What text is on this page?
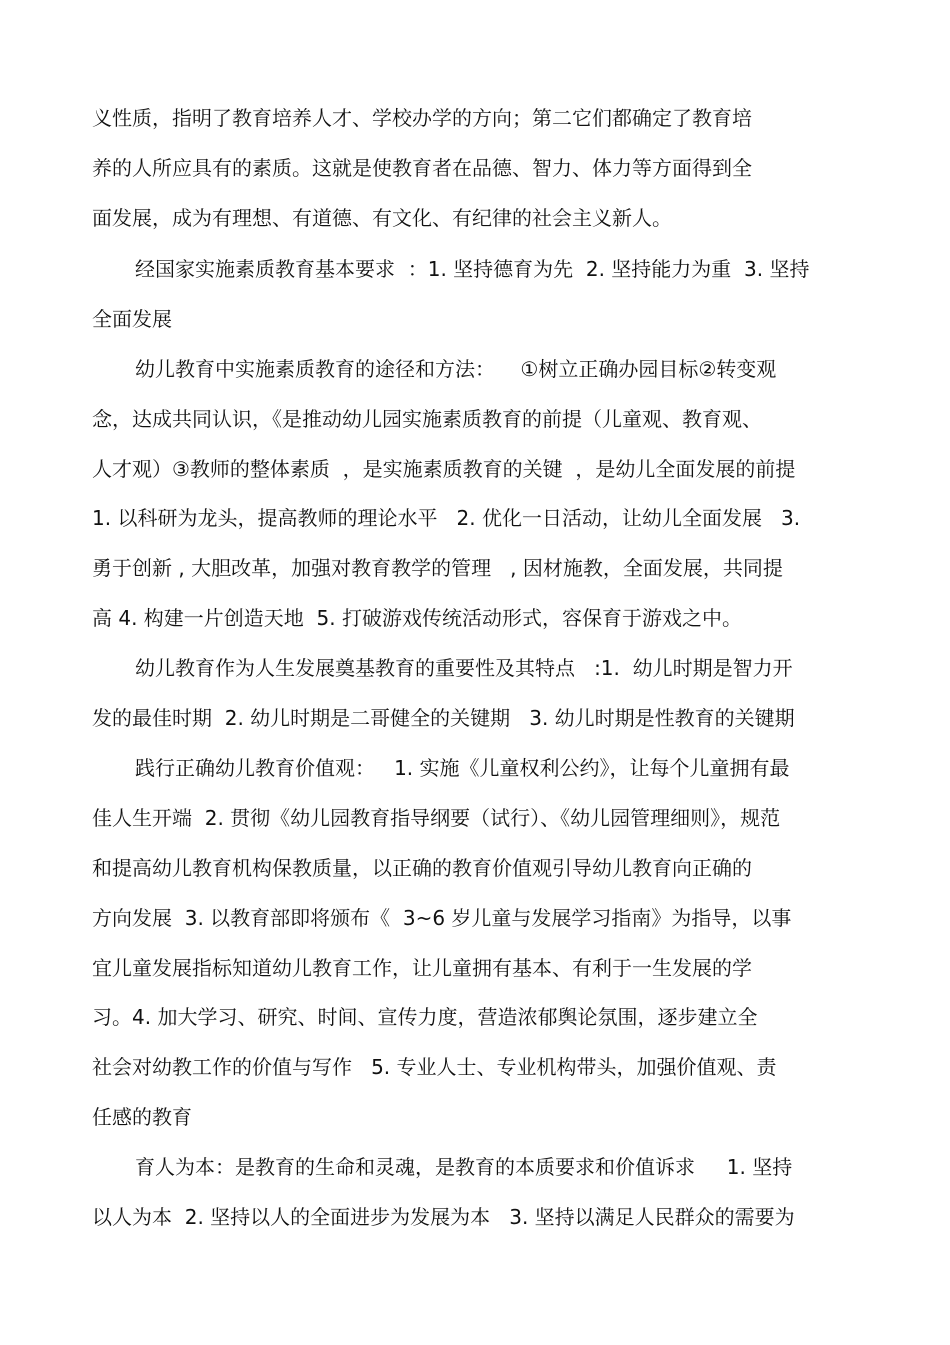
义性质，指明了教育培养人才、学校办学的方向；第二它们都确定了教育培
养的人所应具有的素质。这就是使教育者在品德、智力、体力等方面得到全
面发展，成为有理想、有道德、有文化、有纪律的社会主义新人。
经国家实施素质教育基本要求  ：1. 坚持德育为先  2. 坚持能力为重  3. 坚持
全面发展
幼儿教育中实施素质教育的途径和方法：    ①树立正确办园目标②转变观
念，达成共同认识，《是推动幼儿园实施素质教育的前提（儿童观、教育观、
人才观）③教师的整体素质  ，是实施素质教育的关键  ，是幼儿全面发展的前提
1. 以科研为龙头，提高教师的理论水平   2. 优化一日活动，让幼儿全面发展   3.
勇于创新 , 大胆改革，加强对教育教学的管理   , 因材施教，全面发展，共同提
高 4. 构建一片创造天地  5. 打破游戏传统活动形式，容保育于游戏之中。
幼儿教育作为人生发展奠基教育的重要性及其特点   :1.  幼儿时期是智力开
发的最佳时期  2. 幼儿时期是二哥健全的关键期   3. 幼儿时期是性教育的关键期
践行正确幼儿教育价值观：   1. 实施《儿童权利公约》，让每个儿童拥有最
佳人生开端  2. 贯彻《幼儿园教育指导纲要（试行）、《幼儿园管理细则》，规范
和提高幼儿教育机构保教质量，以正确的教育价值观引导幼儿教育向正确的
方向发展  3. 以教育部即将颁布《  3~6 岁儿童与发展学习指南》为指导，以事
宜儿童发展指标知道幼儿教育工作，让儿童拥有基本、有利于一生发展的学
习。4. 加大学习、研究、时间、宣传力度，营造浓郁舆论氛围，逐步建立全
社会对幼教工作的价值与写作   5. 专业人士、专业机构带头，加强价值观、责
任感的教育
育人为本：是教育的生命和灵魂，是教育的本质要求和价值诉求     1. 坚持
以人为本  2. 坚持以人的全面进步为发展为本   3. 坚持以满足人民群众的需要为
